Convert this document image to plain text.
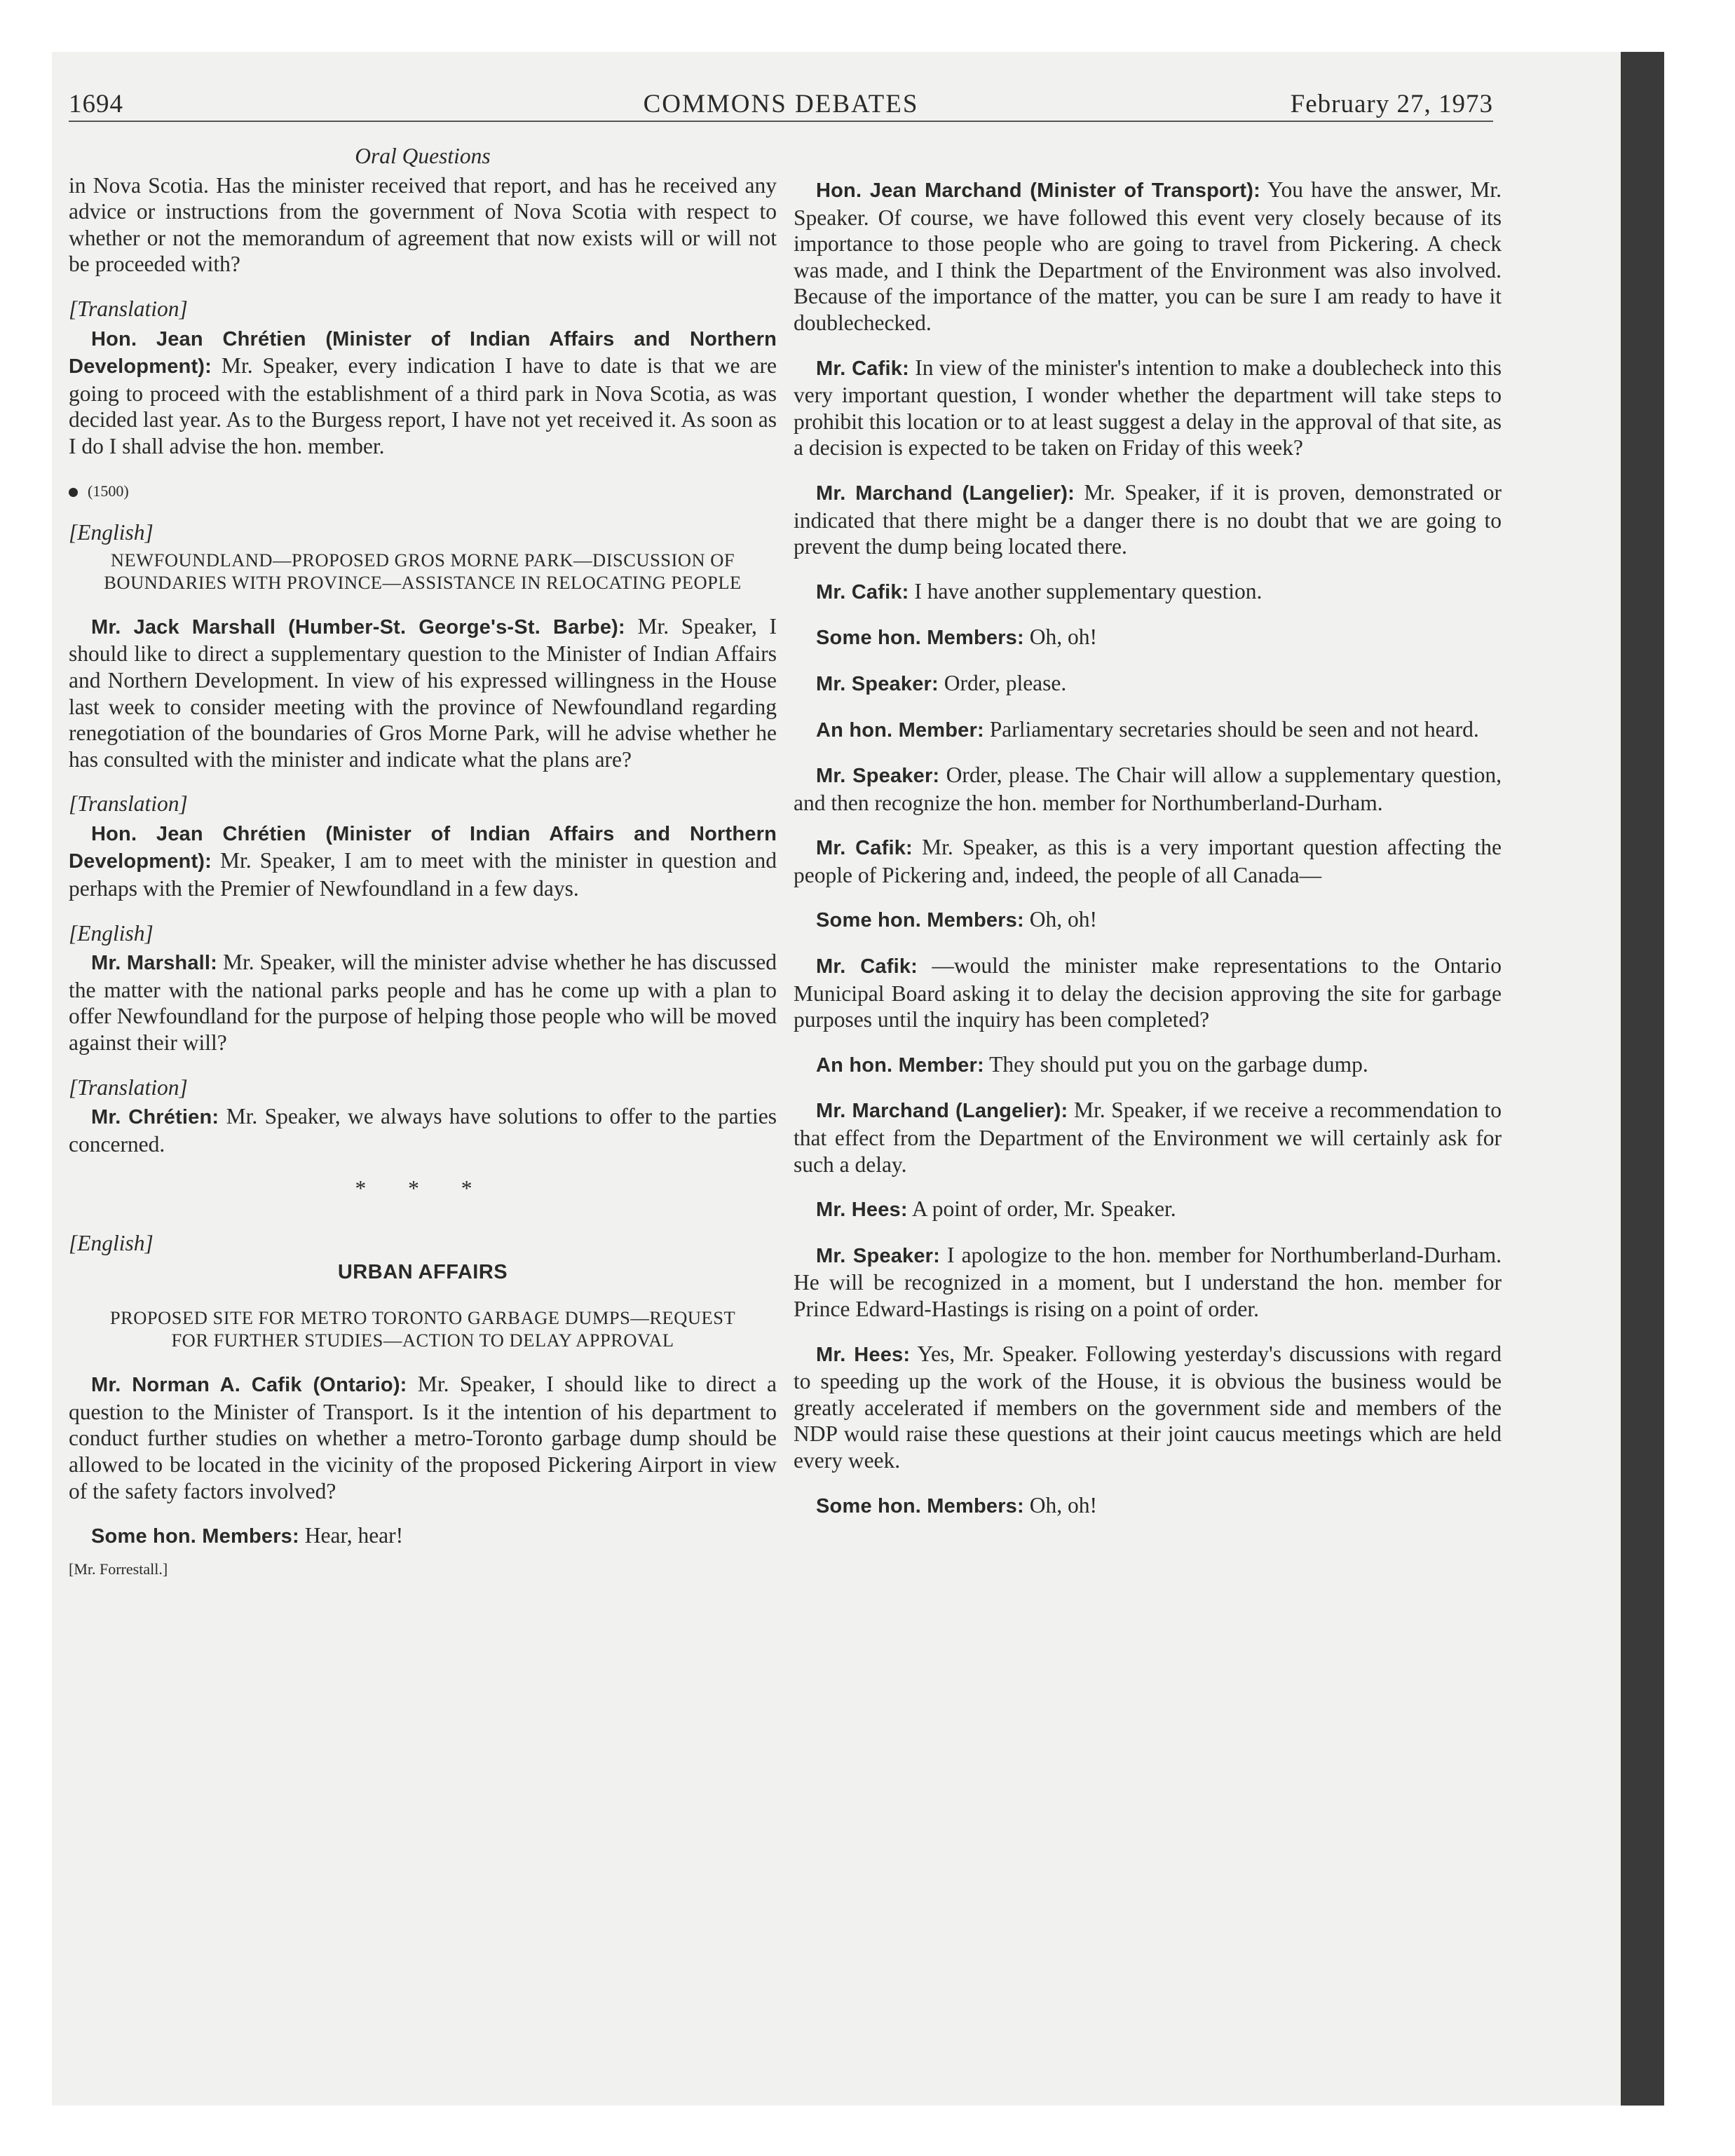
1694	COMMONS DEBATES	February 27, 1973

Oral Questions

in Nova Scotia. Has the minister received that report, and has he received any advice or instructions from the government of Nova Scotia with respect to whether or not the memorandum of agreement that now exists will or will not be proceeded with?

[Translation]

Hon. Jean Chrétien (Minister of Indian Affairs and Northern Development): Mr. Speaker, every indication I have to date is that we are going to proceed with the establishment of a third park in Nova Scotia, as was decided last year. As to the Burgess report, I have not yet received it. As soon as I do I shall advise the hon. member.

(1500)

[English]

NEWFOUNDLAND—PROPOSED GROS MORNE PARK—DISCUSSION OF BOUNDARIES WITH PROVINCE—ASSISTANCE IN RELOCATING PEOPLE

Mr. Jack Marshall (Humber-St. George's-St. Barbe): Mr. Speaker, I should like to direct a supplementary question to the Minister of Indian Affairs and Northern Development. In view of his expressed willingness in the House last week to consider meeting with the province of Newfoundland regarding renegotiation of the boundaries of Gros Morne Park, will he advise whether he has consulted with the minister and indicate what the plans are?

[Translation]

Hon. Jean Chrétien (Minister of Indian Affairs and Northern Development): Mr. Speaker, I am to meet with the minister in question and perhaps with the Premier of Newfoundland in a few days.

[English]

Mr. Marshall: Mr. Speaker, will the minister advise whether he has discussed the matter with the national parks people and has he come up with a plan to offer Newfoundland for the purpose of helping those people who will be moved against their will?

[Translation]

Mr. Chrétien: Mr. Speaker, we always have solutions to offer to the parties concerned.

* * *

[English]

URBAN AFFAIRS

PROPOSED SITE FOR METRO TORONTO GARBAGE DUMPS—REQUEST FOR FURTHER STUDIES—ACTION TO DELAY APPROVAL

Mr. Norman A. Cafik (Ontario): Mr. Speaker, I should like to direct a question to the Minister of Transport. Is it the intention of his department to conduct further studies on whether a metro-Toronto garbage dump should be allowed to be located in the vicinity of the proposed Pickering Airport in view of the safety factors involved?

Some hon. Members: Hear, hear!

[Mr. Forrestall.]

Hon. Jean Marchand (Minister of Transport): You have the answer, Mr. Speaker. Of course, we have followed this event very closely because of its importance to those people who are going to travel from Pickering. A check was made, and I think the Department of the Environment was also involved. Because of the importance of the matter, you can be sure I am ready to have it doublechecked.

Mr. Cafik: In view of the minister's intention to make a doublecheck into this very important question, I wonder whether the department will take steps to prohibit this location or to at least suggest a delay in the approval of that site, as a decision is expected to be taken on Friday of this week?

Mr. Marchand (Langelier): Mr. Speaker, if it is proven, demonstrated or indicated that there might be a danger there is no doubt that we are going to prevent the dump being located there.

Mr. Cafik: I have another supplementary question.

Some hon. Members: Oh, oh!

Mr. Speaker: Order, please.

An hon. Member: Parliamentary secretaries should be seen and not heard.

Mr. Speaker: Order, please. The Chair will allow a supplementary question, and then recognize the hon. member for Northumberland-Durham.

Mr. Cafik: Mr. Speaker, as this is a very important question affecting the people of Pickering and, indeed, the people of all Canada—

Some hon. Members: Oh, oh!

Mr. Cafik: —would the minister make representations to the Ontario Municipal Board asking it to delay the decision approving the site for garbage purposes until the inquiry has been completed?

An hon. Member: They should put you on the garbage dump.

Mr. Marchand (Langelier): Mr. Speaker, if we receive a recommendation to that effect from the Department of the Environment we will certainly ask for such a delay.

Mr. Hees: A point of order, Mr. Speaker.

Mr. Speaker: I apologize to the hon. member for Northumberland-Durham. He will be recognized in a moment, but I understand the hon. member for Prince Edward-Hastings is rising on a point of order.

Mr. Hees: Yes, Mr. Speaker. Following yesterday's discussions with regard to speeding up the work of the House, it is obvious the business would be greatly accelerated if members on the government side and members of the NDP would raise these questions at their joint caucus meetings which are held every week.

Some hon. Members: Oh, oh!
